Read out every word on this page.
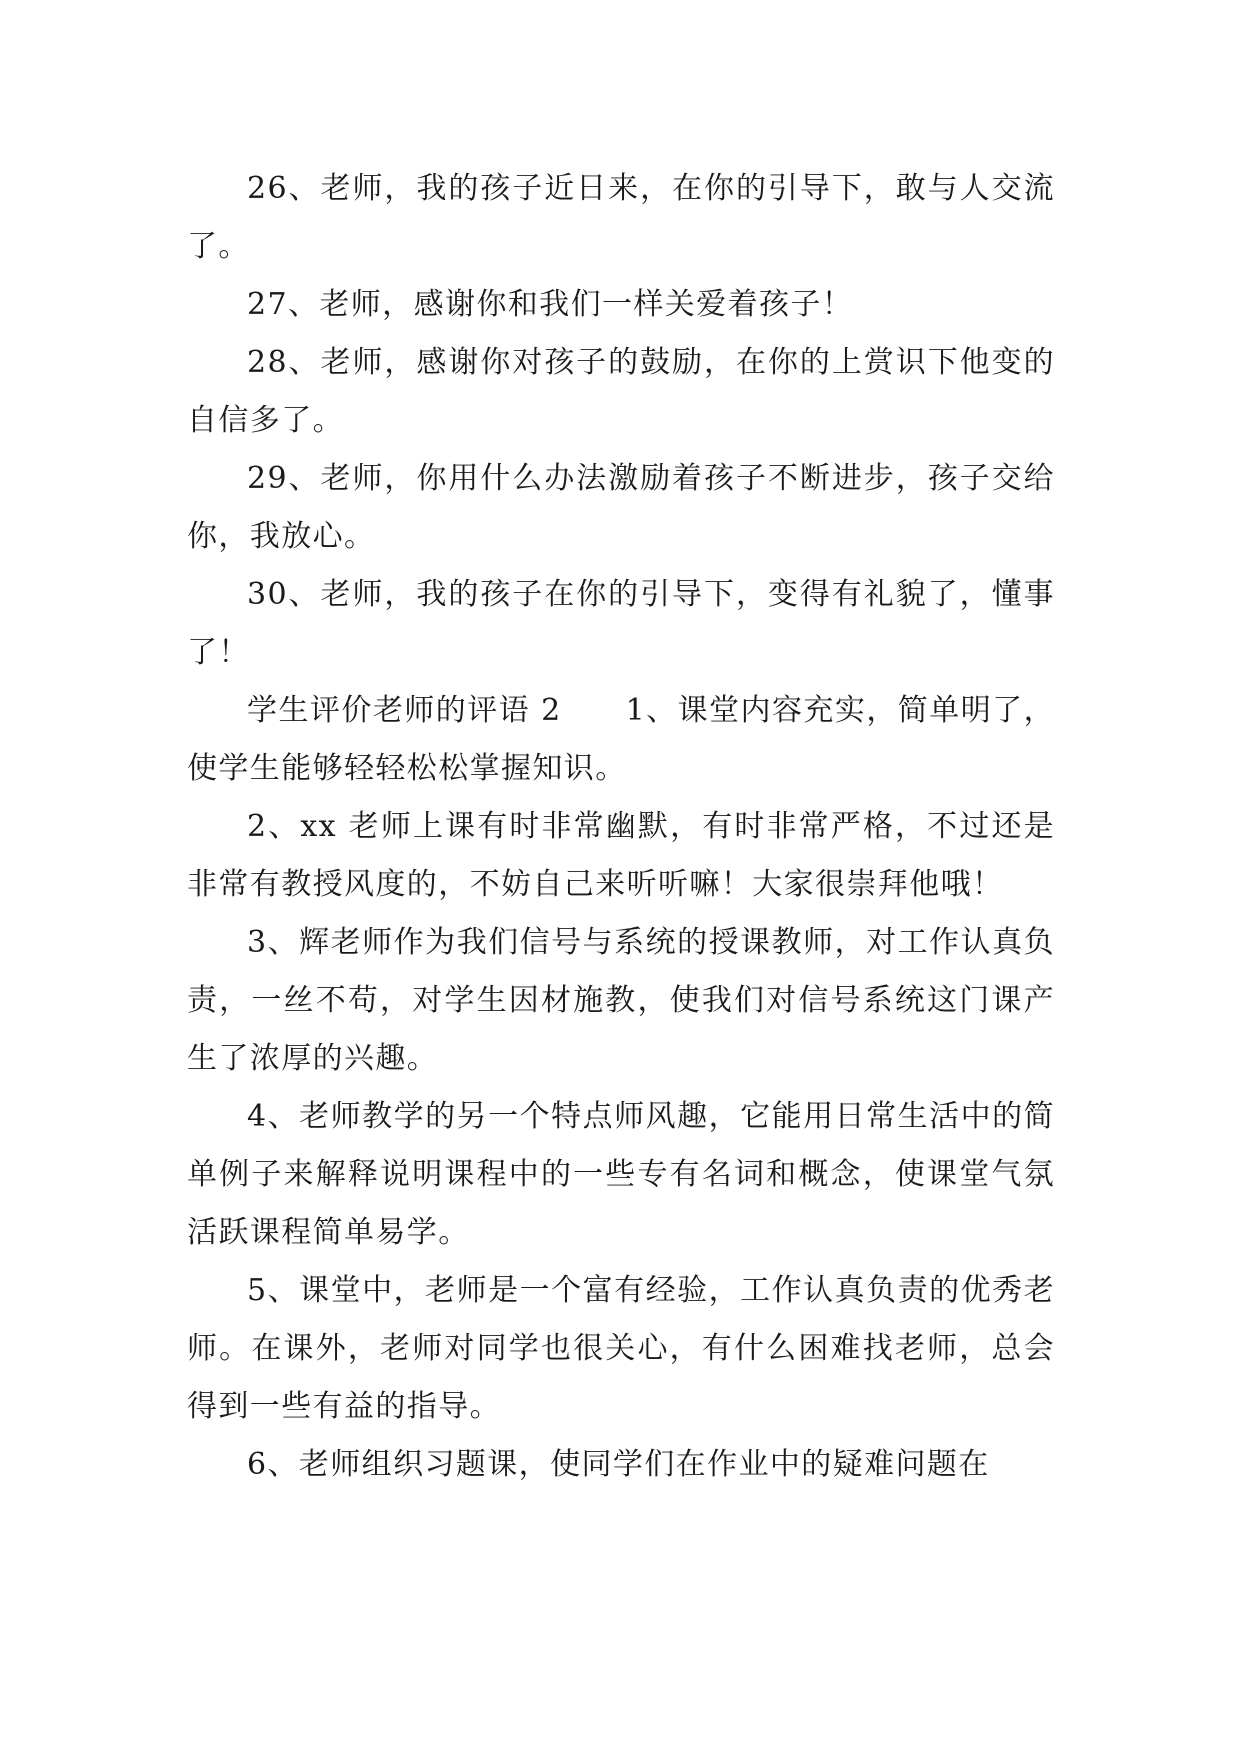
26、老师，我的孩子近日来，在你的引导下，敢与人交流了。

27、老师，感谢你和我们一样关爱着孩子！

28、老师，感谢你对孩子的鼓励，在你的上赏识下他变的自信多了。

29、老师，你用什么办法激励着孩子不断进步，孩子交给你，我放心。

30、老师，我的孩子在你的引导下，变得有礼貌了，懂事了！

学生评价老师的评语 2 1、课堂内容充实，简单明了，使学生能够轻轻松松掌握知识。

2、xx 老师上课有时非常幽默，有时非常严格，不过还是非常有教授风度的，不妨自己来听听嘛！大家很崇拜他哦！

3、辉老师作为我们信号与系统的授课教师，对工作认真负责，一丝不苟，对学生因材施教，使我们对信号系统这门课产生了浓厚的兴趣。

4、老师教学的另一个特点师风趣，它能用日常生活中的简单例子来解释说明课程中的一些专有名词和概念，使课堂气氛活跃课程简单易学。

5、课堂中，老师是一个富有经验，工作认真负责的优秀老师。在课外，老师对同学也很关心，有什么困难找老师，总会得到一些有益的指导。

6、老师组织习题课，使同学们在作业中的疑难问题在
